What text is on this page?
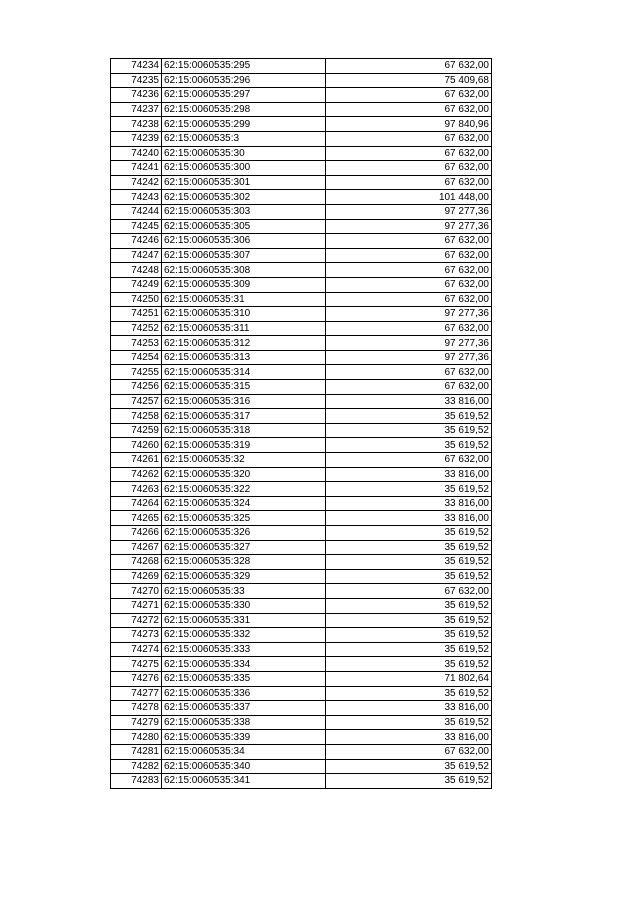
74234	62:15:0060535:295	67 632,00
74235	62:15:0060535:296	75 409,68
74236	62:15:0060535:297	67 632,00
74237	62:15:0060535:298	67 632,00
74238	62:15:0060535:299	97 840,96
74239	62:15:0060535:3	67 632,00
74240	62:15:0060535:30	67 632,00
74241	62:15:0060535:300	67 632,00
74242	62:15:0060535:301	67 632,00
74243	62:15:0060535:302	101 448,00
74244	62:15:0060535:303	97 277,36
74245	62:15:0060535:305	97 277,36
74246	62:15:0060535:306	67 632,00
74247	62:15:0060535:307	67 632,00
74248	62:15:0060535:308	67 632,00
74249	62:15:0060535:309	67 632,00
74250	62:15:0060535:31	67 632,00
74251	62:15:0060535:310	97 277,36
74252	62:15:0060535:311	67 632,00
74253	62:15:0060535:312	97 277,36
74254	62:15:0060535:313	97 277,36
74255	62:15:0060535:314	67 632,00
74256	62:15:0060535:315	67 632,00
74257	62:15:0060535:316	33 816,00
74258	62:15:0060535:317	35 619,52
74259	62:15:0060535:318	35 619,52
74260	62:15:0060535:319	35 619,52
74261	62:15:0060535:32	67 632,00
74262	62:15:0060535:320	33 816,00
74263	62:15:0060535:322	35 619,52
74264	62:15:0060535:324	33 816,00
74265	62:15:0060535:325	33 816,00
74266	62:15:0060535:326	35 619,52
74267	62:15:0060535:327	35 619,52
74268	62:15:0060535:328	35 619,52
74269	62:15:0060535:329	35 619,52
74270	62:15:0060535:33	67 632,00
74271	62:15:0060535:330	35 619,52
74272	62:15:0060535:331	35 619,52
74273	62:15:0060535:332	35 619,52
74274	62:15:0060535:333	35 619,52
74275	62:15:0060535:334	35 619,52
74276	62:15:0060535:335	71 802,64
74277	62:15:0060535:336	35 619,52
74278	62:15:0060535:337	33 816,00
74279	62:15:0060535:338	35 619,52
74280	62:15:0060535:339	33 816,00
74281	62:15:0060535:34	67 632,00
74282	62:15:0060535:340	35 619,52
74283	62:15:0060535:341	35 619,52
